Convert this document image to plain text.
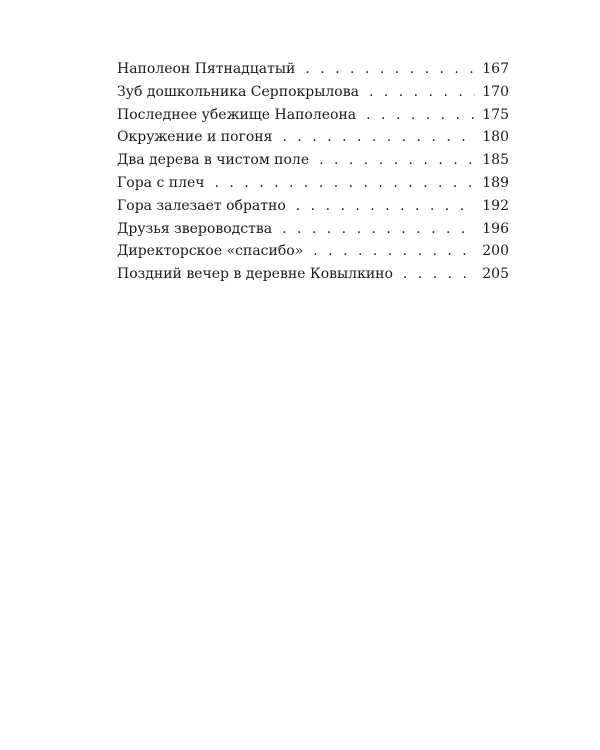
Наполеон Пятнадцатый . . .	167
Зуб дошкольника Серпокрылова . . .	170
Последнее убежище Наполеона . . .	175
Окружение и погоня . . .	180
Два дерева в чистом поле . . .	185
Гора с плеч . . .	189
Гора залезает обратно . . .	192
Друзья звероводства . . .	196
Директорское «спасибо» . . .	200
Поздний вечер в деревне Ковылкино . . .	205
